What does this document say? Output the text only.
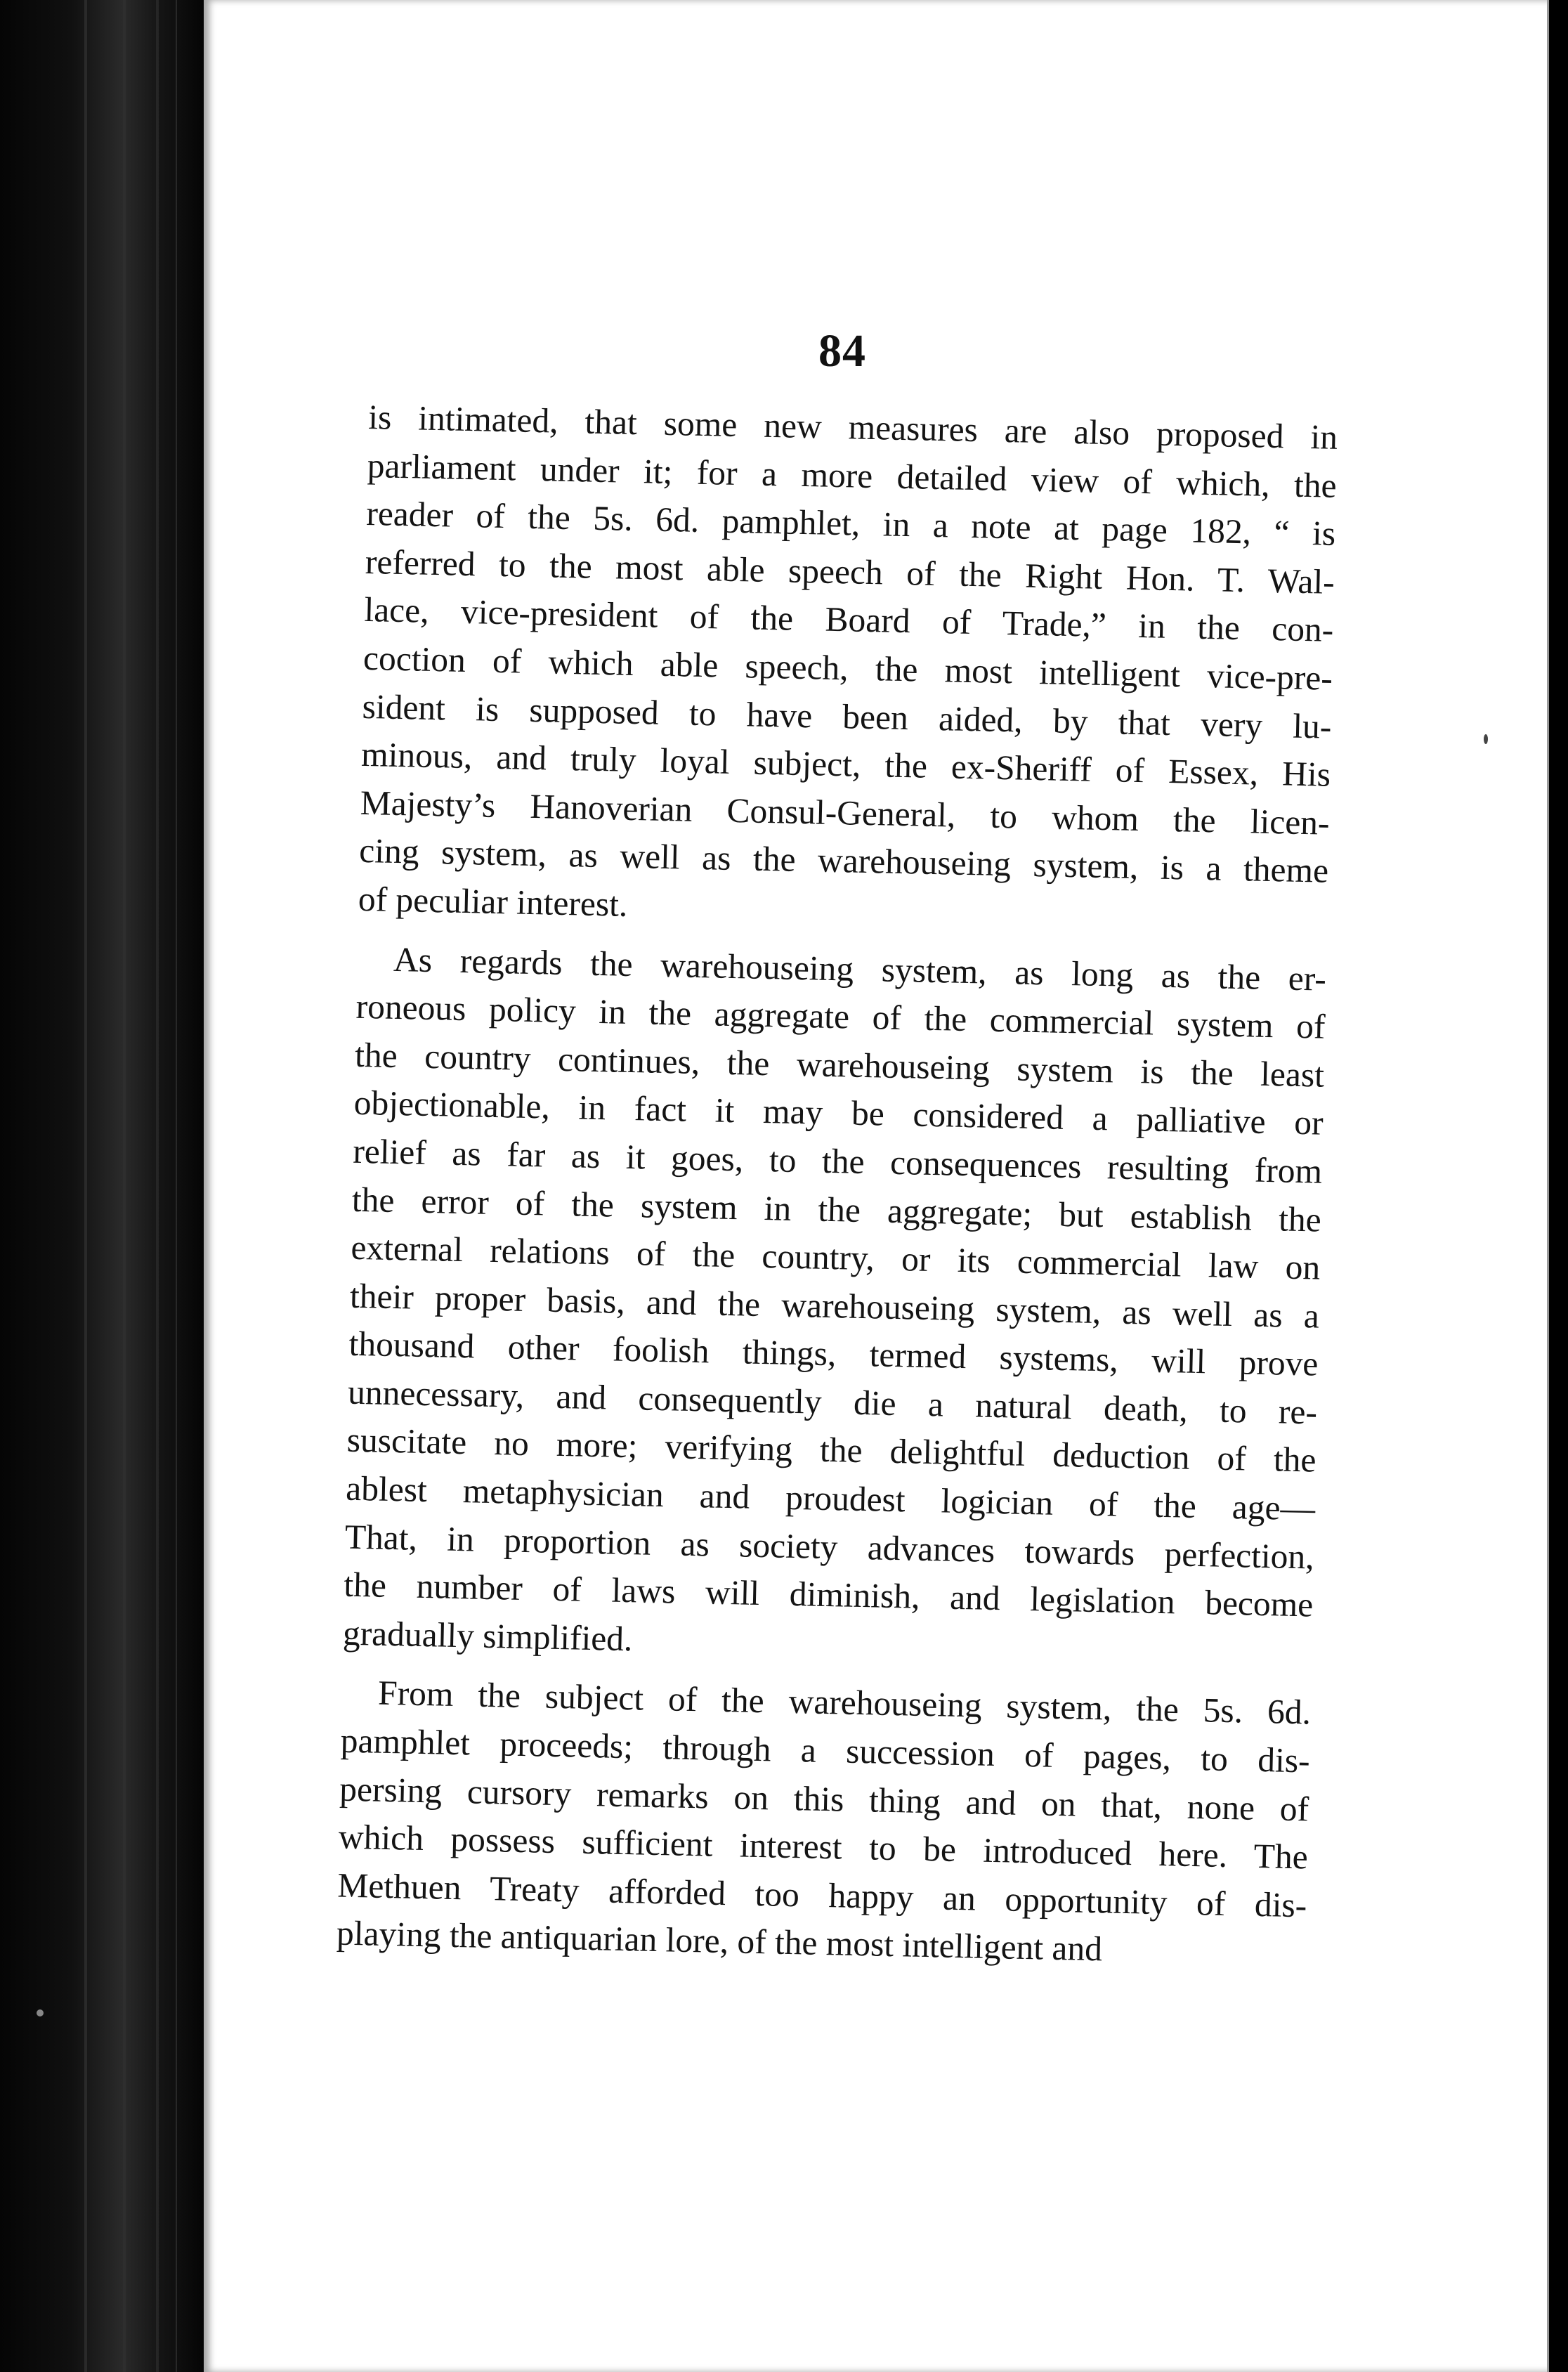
84
is intimated, that some new measures are also proposed in
parliament under it; for a more detailed view of which, the
reader of the 5s. 6d. pamphlet, in a note at page 182, “ is
referred to the most able speech of the Right Hon. T. Wal-
lace, vice-president of the Board of Trade,” in the con-
coction of which able speech, the most intelligent vice-pre-
sident is supposed to have been aided, by that very lu-
minous, and truly loyal subject, the ex-Sheriff of Essex, His
Majesty’s Hanoverian Consul-General, to whom the licen-
cing system, as well as the warehouseing system, is a theme
of peculiar interest.
As regards the warehouseing system, as long as the er-
roneous policy in the aggregate of the commercial system of
the country continues, the warehouseing system is the least
objectionable, in fact it may be considered a palliative or
relief as far as it goes, to the consequences resulting from
the error of the system in the aggregate; but establish the
external relations of the country, or its commercial law on
their proper basis, and the warehouseing system, as well as a
thousand other foolish things, termed systems, will prove
unnecessary, and consequently die a natural death, to re-
suscitate no more; verifying the delightful deduction of the
ablest metaphysician and proudest logician of the age—
That, in proportion as society advances towards perfection,
the number of laws will diminish, and legislation become
gradually simplified.
From the subject of the warehouseing system, the 5s. 6d.
pamphlet proceeds; through a succession of pages, to dis-
persing cursory remarks on this thing and on that, none of
which possess sufficient interest to be introduced here. The
Methuen Treaty afforded too happy an opportunity of dis-
playing the antiquarian lore, of the most intelligent and
